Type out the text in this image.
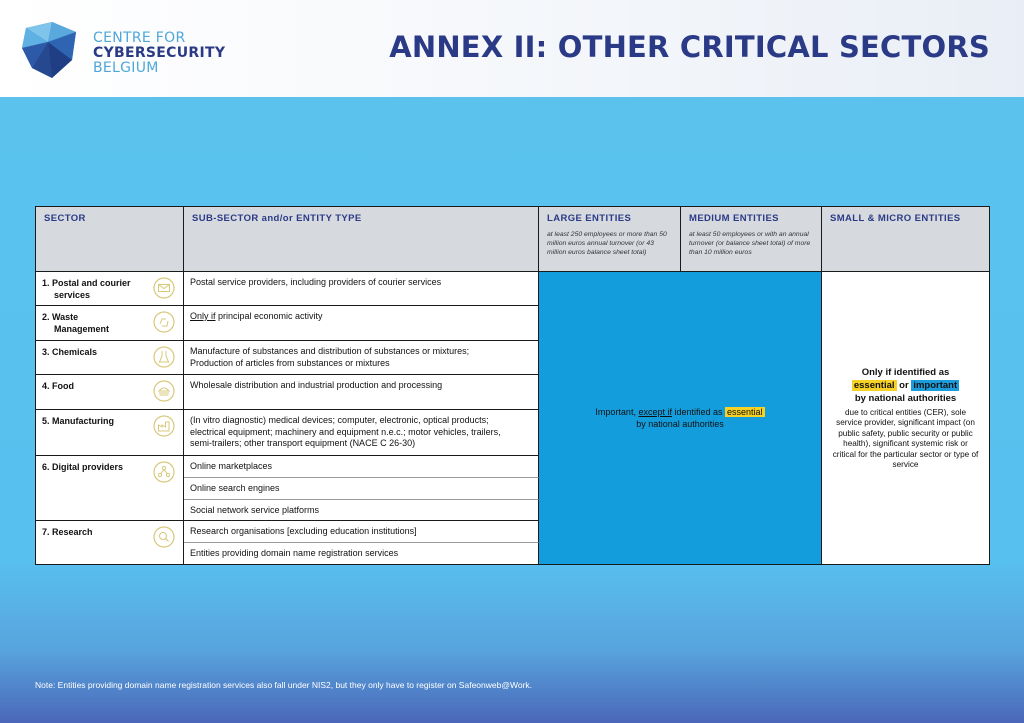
CENTRE FOR
CYBERSECURITY
BELGIUM
ANNEX II: OTHER CRITICAL SECTORS
SECTOR	SUB-SECTOR and/or ENTITY TYPE	LARGE ENTITIES
at least 250 employees or more than 50 million euros annual turnover (or 43 million euros balance sheet total)
MEDIUM ENTITIES
at least 50 employees or with an annual turnover (or balance sheet total) of more than 10 million euros
SMALL & MICRO ENTITIES
1. Postal and courier
services
2. Waste
Management
3. Chemicals
4. Food
5. Manufacturing
6. Digital providers
7. Research
Postal service providers, including providers of courier services
Only if principal economic activity
Manufacture of substances and distribution of substances or mixtures;
Production of articles from substances or mixtures
Wholesale distribution and industrial production and processing
(In vitro diagnostic) medical devices; computer, electronic, optical products;
electrical equipment; machinery and equipment n.e.c.; motor vehicles, trailers,
semi-trailers; other transport equipment (NACE C 26-30)
Online marketplaces
Online search engines
Social network service platforms
Research organisations [excluding education institutions]
Entities providing domain name registration services
Important, except if identified as essential
by national authorities
Only if identified as
essential or important
by national authorities
due to critical entities (CER), sole service provider, significant impact (on public safety, public security or public health), significant systemic risk or critical for the particular sector or type of service
Note: Entities providing domain name registration services also fall under NIS2, but they only have to register on Safeonweb@Work.
